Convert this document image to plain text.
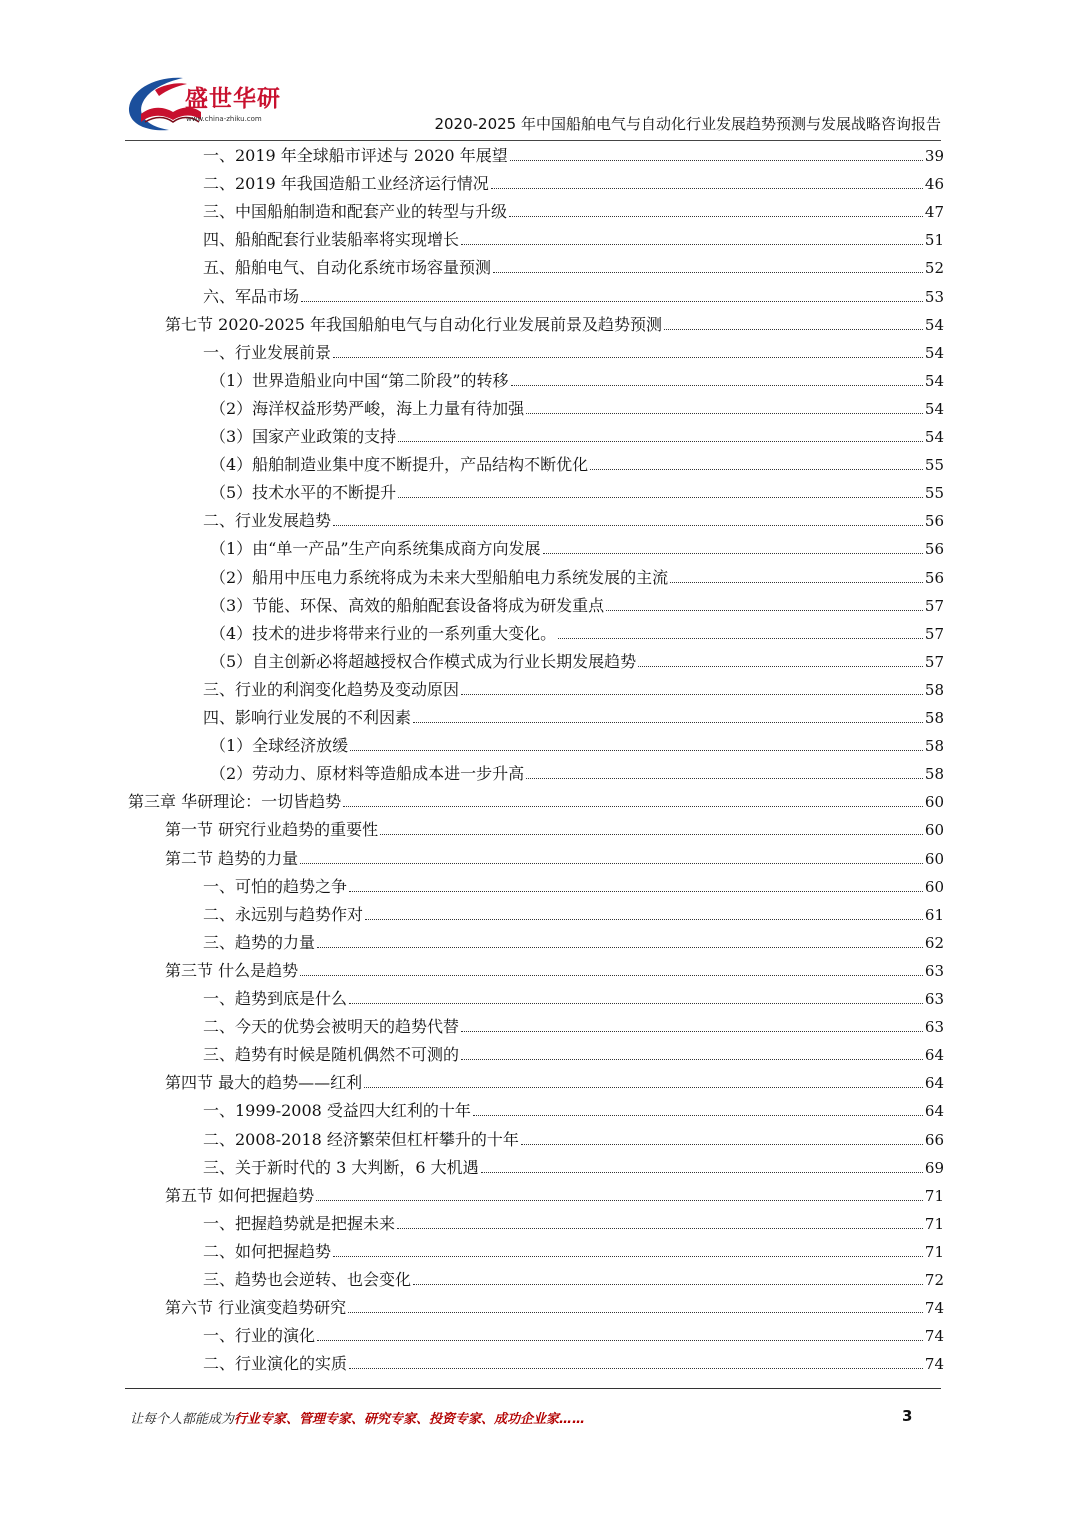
盛世华研
www.china-zhiku.com	2020-2025 年中国船舶电气与自动化行业发展趋势预测与发展战略咨询报告
一、2019 年全球船市评述与 2020 年展望	39
二、2019 年我国造船工业经济运行情况	46
三、中国船舶制造和配套产业的转型与升级	47
四、船舶配套行业装船率将实现增长	51
五、船舶电气、自动化系统市场容量预测	52
六、军品市场	53
第七节 2020-2025 年我国船舶电气与自动化行业发展前景及趋势预测	54
一、行业发展前景	54
（1）世界造船业向中国“第二阶段”的转移	54
（2）海洋权益形势严峻，海上力量有待加强	54
（3）国家产业政策的支持	54
（4）船舶制造业集中度不断提升，产品结构不断优化	55
（5）技术水平的不断提升	55
二、行业发展趋势	56
（1）由“单一产品”生产向系统集成商方向发展	56
（2）船用中压电力系统将成为未来大型船舶电力系统发展的主流	56
（3）节能、环保、高效的船舶配套设备将成为研发重点	57
（4）技术的进步将带来行业的一系列重大变化。	57
（5）自主创新必将超越授权合作模式成为行业长期发展趋势	57
三、行业的利润变化趋势及变动原因	58
四、影响行业发展的不利因素	58
（1）全球经济放缓	58
（2）劳动力、原材料等造船成本进一步升高	58
第三章 华研理论：一切皆趋势	60
第一节 研究行业趋势的重要性	60
第二节 趋势的力量	60
一、可怕的趋势之争	60
二、永远别与趋势作对	61
三、趋势的力量	62
第三节 什么是趋势	63
一、趋势到底是什么	63
二、今天的优势会被明天的趋势代替	63
三、趋势有时候是随机偶然不可测的	64
第四节 最大的趋势——红利	64
一、1999-2008 受益四大红利的十年	64
二、2008-2018 经济繁荣但杠杆攀升的十年	66
三、关于新时代的 3 大判断，6 大机遇	69
第五节 如何把握趋势	71
一、把握趋势就是把握未来	71
二、如何把握趋势	71
三、趋势也会逆转、也会变化	72
第六节 行业演变趋势研究	74
一、行业的演化	74
二、行业演化的实质	74
让每个人都能成为行业专家、管理专家、研究专家、投资专家、成功企业家……	3
